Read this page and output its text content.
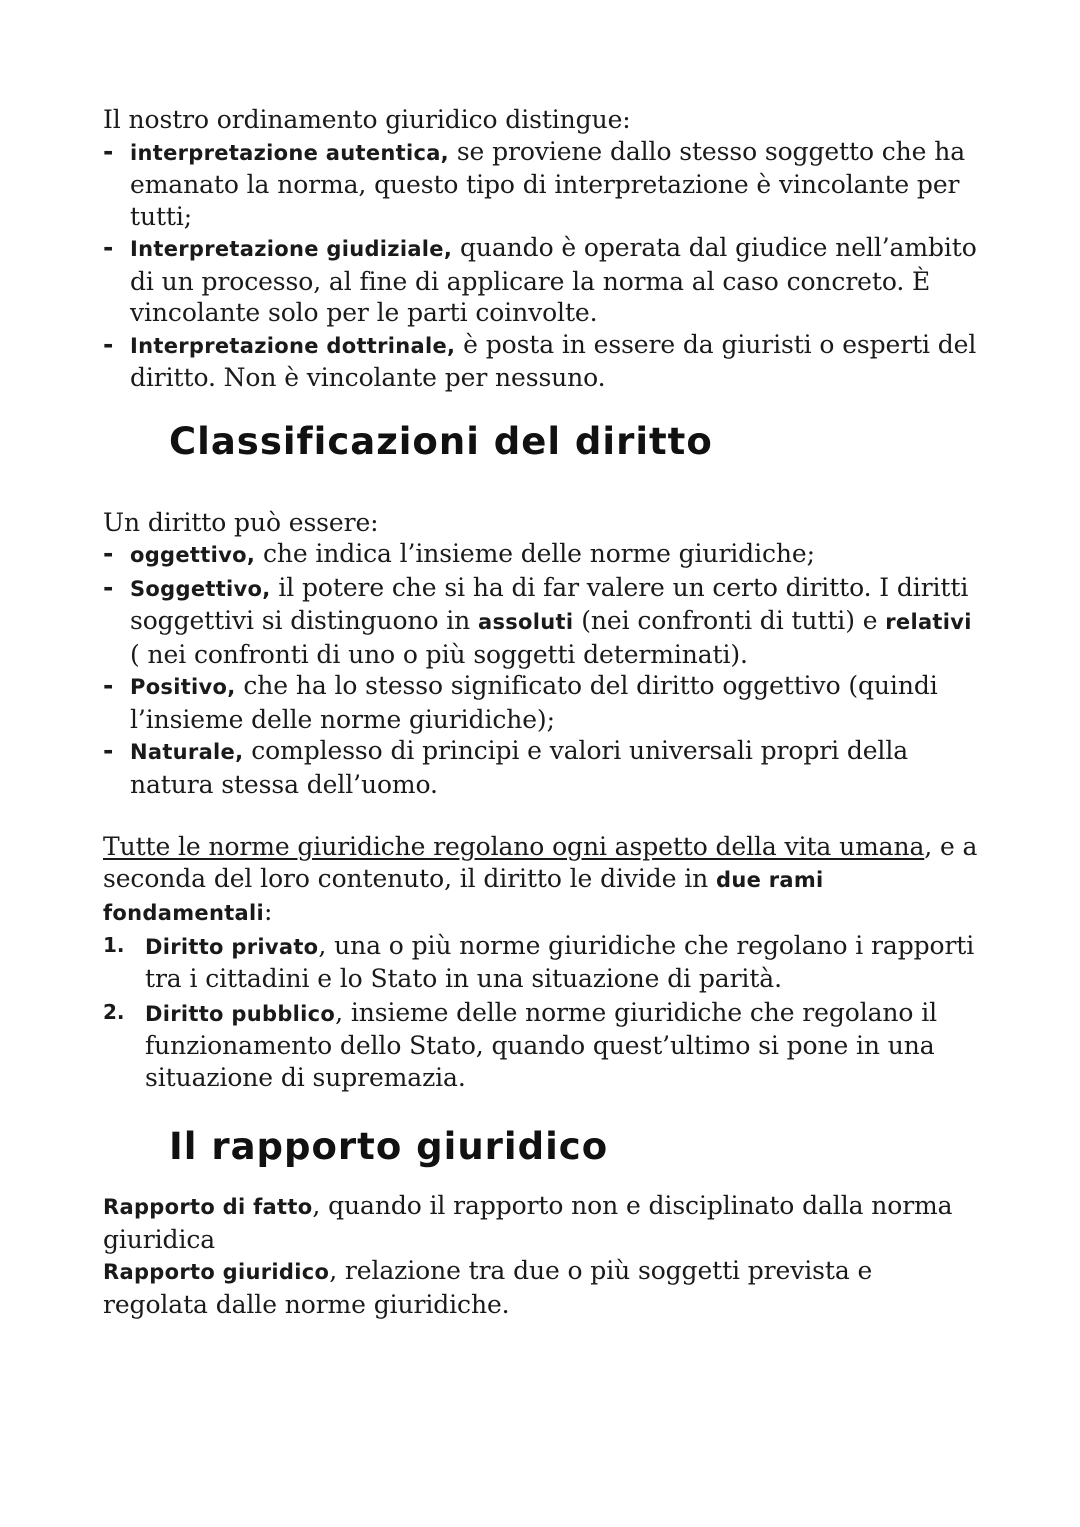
Il nostro ordinamento giuridico distingue:

- interpretazione autentica, se proviene dallo stesso soggetto che ha emanato la norma, questo tipo di interpretazione è vincolante per tutti;
- Interpretazione giudiziale, quando è operata dal giudice nell’ambito di un processo, al fine di applicare la norma al caso concreto. È vincolante solo per le parti coinvolte.
- Interpretazione dottrinale, è posta in essere da giuristi o esperti del diritto. Non è vincolante per nessuno.
Classificazioni del diritto

Un diritto può essere:

- oggettivo, che indica l’insieme delle norme giuridiche;
- Soggettivo, il potere che si ha di far valere un certo diritto. I diritti soggettivi si distinguono in assoluti (nei confronti di tutti) e relativi ( nei confronti di uno o più soggetti determinati).
- Positivo, che ha lo stesso significato del diritto oggettivo (quindi l’insieme delle norme giuridiche);
- Naturale, complesso di principi e valori universali propri della natura stessa dell’uomo.

Tutte le norme giuridiche regolano ogni aspetto della vita umana, e a seconda del loro contenuto, il diritto le divide in due rami fondamentali:

1. Diritto privato, una o più norme giuridiche che regolano i rapporti tra i cittadini e lo Stato in una situazione di parità.
2. Diritto pubblico, insieme delle norme giuridiche che regolano il funzionamento dello Stato, quando quest’ultimo si pone in una situazione di supremazia.
Il rapporto giuridico

Rapporto di fatto, quando il rapporto non e disciplinato dalla norma giuridica

Rapporto giuridico, relazione tra due o più soggetti prevista e regolata dalle norme giuridiche.
